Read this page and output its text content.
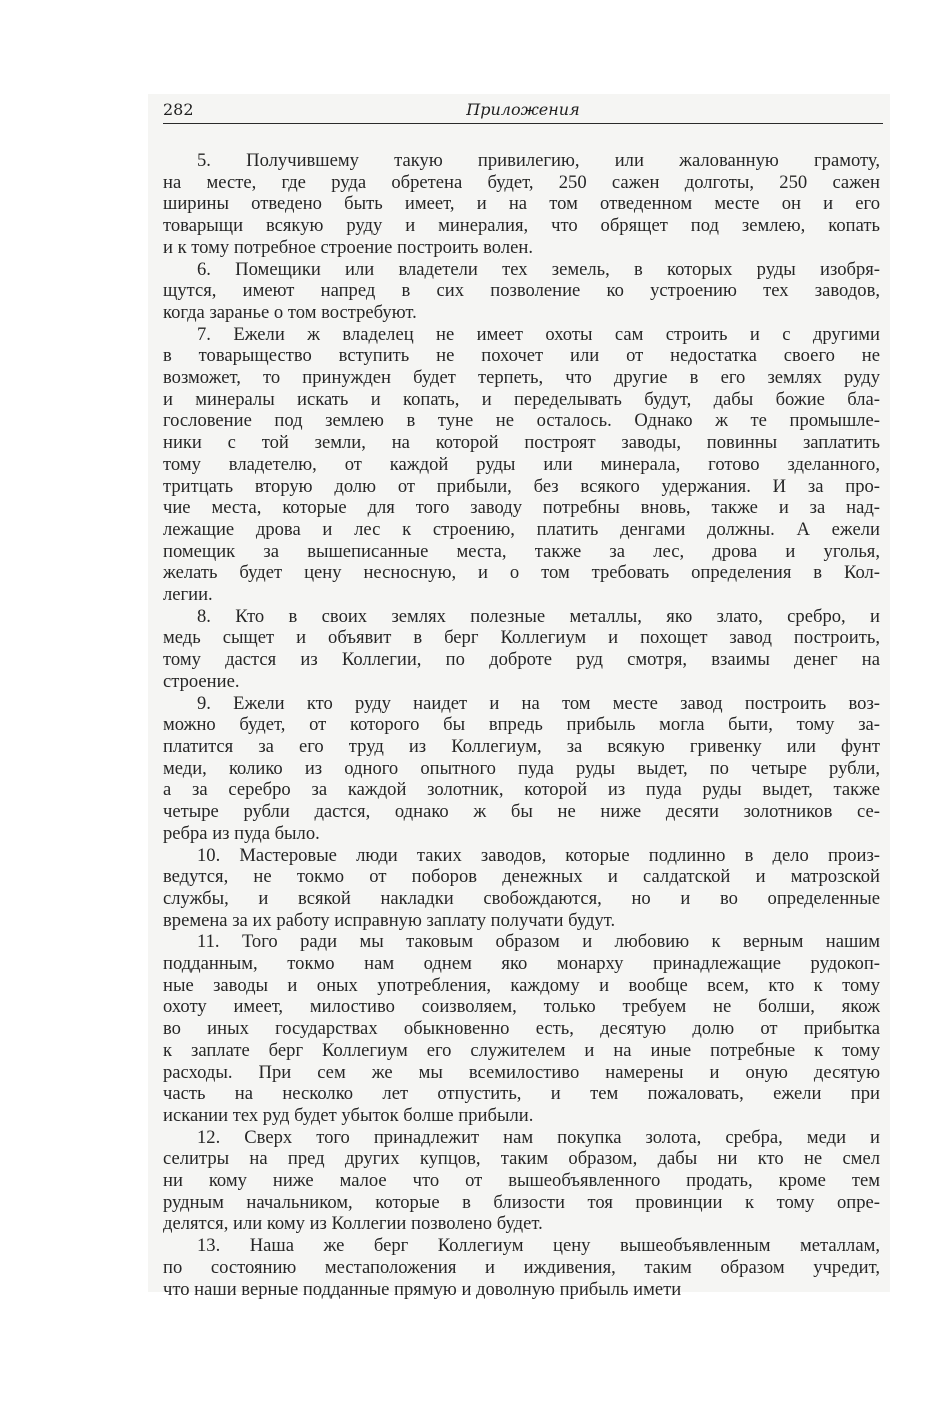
282	Приложения
5. Получившему такую привилегию, или жалованную грамоту,
на месте, где руда обретена будет, 250 сажен долготы, 250 сажен
ширины отведено быть имеет, и на том отведенном месте он и его
товарыщи всякую руду и минералия, что обрящет под землею, копать
и к тому потребное строение построить волен.
6. Помещики или владетели тех земель, в которых руды изобря-
щутся, имеют напред в сих позволение ко устроению тех заводов,
когда заранье о том востребуют.
7. Ежели ж владелец не имеет охоты сам строить и с другими
в товарыщество вступить не похочет или от недостатка своего не
возможет, то принужден будет терпеть, что другие в его землях руду
и минералы искать и копать, и переделывать будут, дабы божие бла-
гословение под землею в туне не осталось. Однако ж те промышле-
ники с той земли, на которой построят заводы, повинны заплатить
тому владетелю, от каждой руды или минерала, готово зделанного,
тритцать вторую долю от прибыли, без всякого удержания. И за про-
чие места, которые для того заводу потребны вновь, также и за над-
лежащие дрова и лес к строению, платить денгами должны. А ежели
помещик за вышеписанные места, также за лес, дрова и уголья,
желать будет цену несносную, и о том требовать определения в Кол-
легии.
8. Кто в своих землях полезные металлы, яко злато, сребро, и
медь сыщет и объявит в берг Коллегиум и похощет завод построить,
тому дастся из Коллегии, по доброте руд смотря, взаимы денег на
строение.
9. Ежели кто руду наидет и на том месте завод построить воз-
можно будет, от которого бы впредь прибыль могла быти, тому за-
платится за его труд из Коллегиум, за всякую гривенку или фунт
меди, колико из одного опытного пуда руды выдет, по четыре рубли,
а за серебро за каждой золотник, которой из пуда руды выдет, также
четыре рубли дастся, однако ж бы не ниже десяти золотников се-
ребра из пуда было.
10. Мастеровые люди таких заводов, которые подлинно в дело произ-
ведутся, не токмо от поборов денежных и салдатской и матрозской
службы, и всякой накладки свобождаются, но и во определенные
времена за их работу исправную заплату получати будут.
11. Того ради мы таковым образом и любовию к верным нашим
подданным, токмо нам однем яко монарху принадлежащие рудокоп-
ные заводы и оных употребления, каждому и вообще всем, кто к тому
охоту имеет, милостиво соизволяем, только требуем не болши, якож
во иных государствах обыкновенно есть, десятую долю от прибытка
к заплате берг Коллегиум его служителем и на иные потребные к тому
расходы. При сем же мы всемилостиво намерены и оную десятую
часть на несколко лет отпустить, и тем пожаловать, ежели при
искании тех руд будет убыток болше прибыли.
12. Сверх того принадлежит нам покупка золота, сребра, меди и
селитры на пред других купцов, таким образом, дабы ни кто не смел
ни кому ниже малое что от вышеобъявленного продать, кроме тем
рудным начальником, которые в близости тоя провинции к тому опре-
делятся, или кому из Коллегии позволено будет.
13. Наша же берг Коллегиум цену вышеобъявленным металлам,
по состоянию местаположения и иждивения, таким образом учредит,
что наши верные подданные прямую и доволную прибыль имети
